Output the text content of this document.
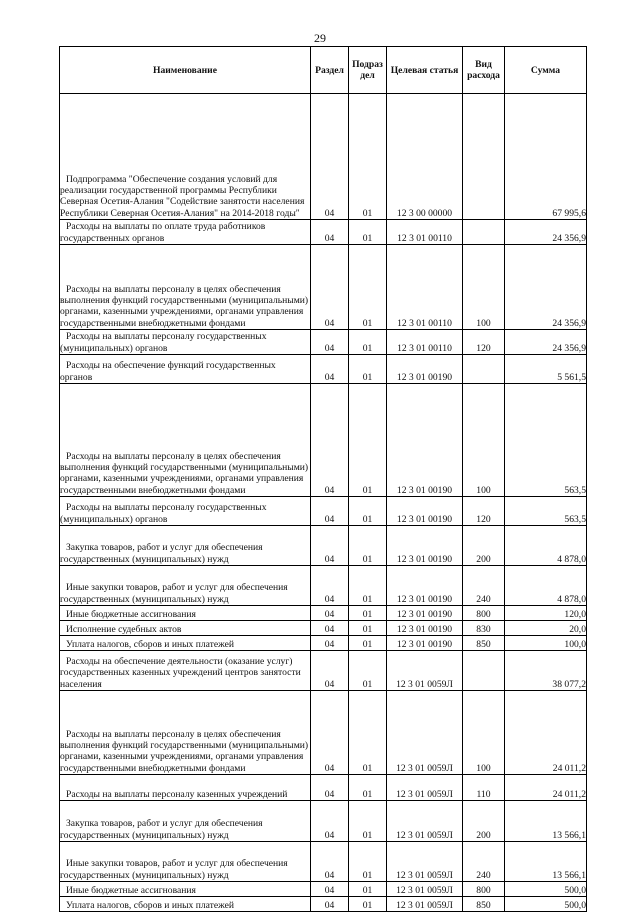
29
Наименование	Раздел	Подраз дел	Целевая статья	Вид расхода	Сумма
Подпрограмма "Обеспечение создания условий для реализации государственной программы Республики Северная Осетия-Алания "Содействие занятости населения Республики Северная Осетия-Алания" на 2014-2018 годы"	04	01	12 3 00 00000		67 995,6
Расходы на выплаты по оплате труда работников государственных органов	04	01	12 3 01 00110		24 356,9
Расходы на выплаты персоналу в целях обеспечения выполнения функций государственными (муниципальными) органами, казенными учреждениями, органами управления государственными внебюджетными фондами	04	01	12 3 01 00110	100	24 356,9
Расходы на выплаты персоналу государственных (муниципальных) органов	04	01	12 3 01 00110	120	24 356,9
Расходы на обеспечение функций государственных органов	04	01	12 3 01 00190		5 561,5
Расходы на выплаты персоналу в целях обеспечения выполнения функций государственными (муниципальными) органами, казенными учреждениями, органами управления государственными внебюджетными фондами	04	01	12 3 01 00190	100	563,5
Расходы на выплаты персоналу государственных (муниципальных) органов	04	01	12 3 01 00190	120	563,5
Закупка товаров, работ и услуг для обеспечения государственных (муниципальных) нужд	04	01	12 3 01 00190	200	4 878,0
Иные закупки товаров, работ и услуг для обеспечения государственных (муниципальных) нужд	04	01	12 3 01 00190	240	4 878,0
Иные бюджетные ассигнования	04	01	12 3 01 00190	800	120,0
Исполнение судебных актов	04	01	12 3 01 00190	830	20,0
Уплата налогов, сборов и иных платежей	04	01	12 3 01 00190	850	100,0
Расходы на обеспечение деятельности (оказание услуг) государственных казенных учреждений центров занятости населения	04	01	12 3 01 0059Л		38 077,2
Расходы на выплаты персоналу в целях обеспечения выполнения функций государственными (муниципальными) органами, казенными учреждениями, органами управления государственными внебюджетными фондами	04	01	12 3 01 0059Л	100	24 011,2
Расходы на выплаты персоналу казенных учреждений	04	01	12 3 01 0059Л	110	24 011,2
Закупка товаров, работ и услуг для обеспечения государственных (муниципальных) нужд	04	01	12 3 01 0059Л	200	13 566,1
Иные закупки товаров, работ и услуг для обеспечения государственных (муниципальных) нужд	04	01	12 3 01 0059Л	240	13 566,1
Иные бюджетные ассигнования	04	01	12 3 01 0059Л	800	500,0
Уплата налогов, сборов и иных платежей	04	01	12 3 01 0059Л	850	500,0
